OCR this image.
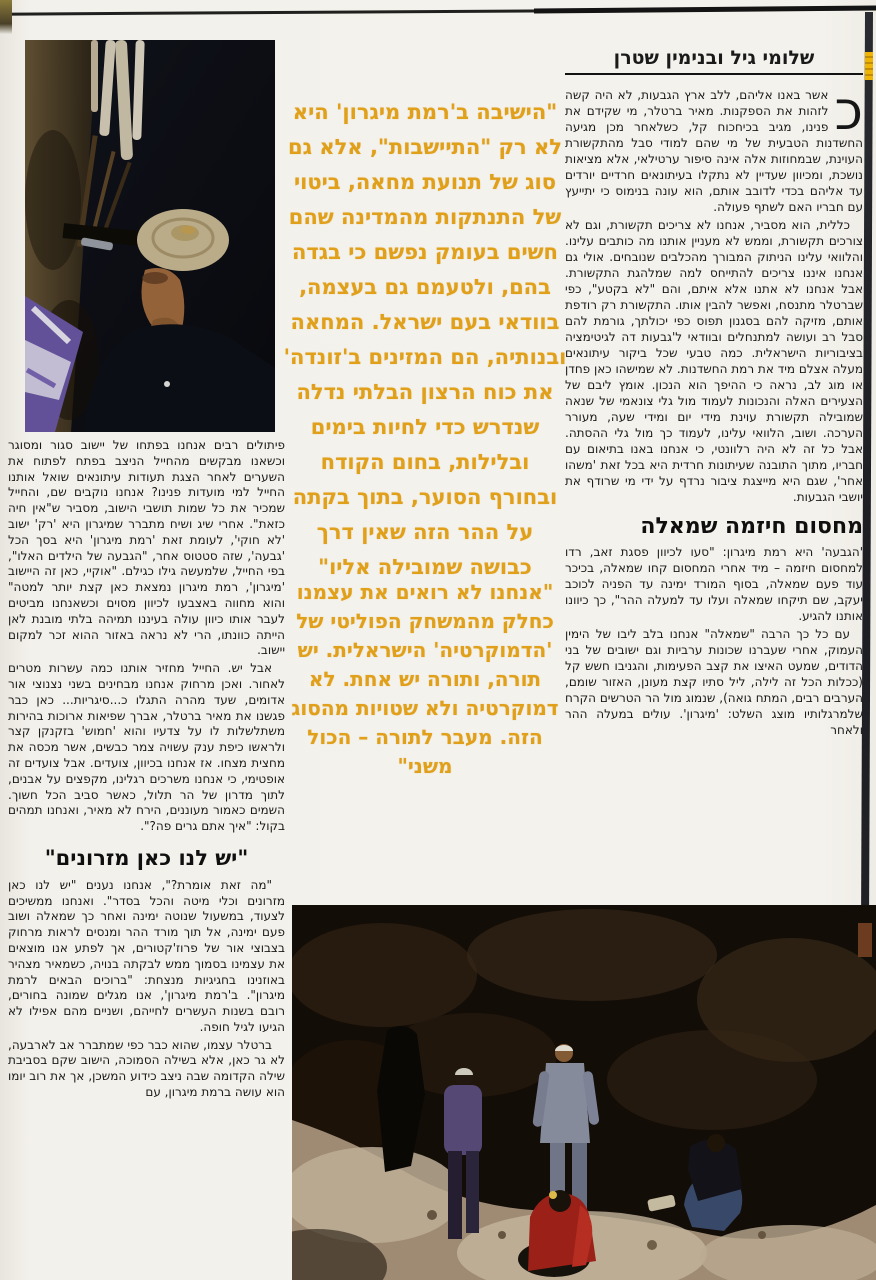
"הישיבה ב'רמת מיגרון' היא לא רק "התיישבות", אלא גם סוג של תנועת מחאה, ביטוי של התנתקות מהמדינה שהם חשים בעומק נפשם כי בגדה בהם, ולטעמם גם בעצמה, בוודאי בעם ישראל. המחאה ובנותיה, הם המזינים ב'זונדה' את כוח הרצון הבלתי נדלה שנדרש כדי לחיות בימים ובלילות, בחום הקודח ובחורף הסוער, בתוך בקתה על ההר הזה שאין דרך כבושה שמובילה אליו"
"אנחנו לא רואים את עצמנו כחלק מהמשחק הפוליטי של 'הדמוקרטיה' הישראלית. יש תורה, ותורה יש אחת. לא דמוקרטיה ולא שטויות מהסוג הזה. מעבר לתורה – הכול משני"
שלומי גיל ובנימין שטרן

כ
אשר באנו אליהם, ללב ארץ הגבעות, לא היה קשה לזהות את הספקנות. מאיר ברטלר, מי שקידם את פנינו, מגיב בכיחכוח קל, כשלאחר מכן מגיעה החשדנות הטבעית של מי שהם למודי סבל מהתקשורת העוינת, שבמחוזות אלה אינה סיפור ערטילאי, אלא מציאות נושכת, ומכיוון שעדיין לא נתקלו בעיתונאים חרדיים יורדים עד אליהם בכדי לדובב אותם, הוא עונה בנימוס כי יתייעץ עם חבריו האם לשתף פעולה.

כללית, הוא מסביר, אנחנו לא צריכים תקשורת, וגם לא צורכים תקשורת, וממש לא מעניין אותנו מה כותבים עלינו. והלוואי עלינו הניתוק המבורך מהכלבים שנובחים. אולי גם אנחנו איננו צריכים להתייחס למה שמלהגת התקשורת. אבל אנחנו לא אתנו אלא איתם, והם "לא בקטע", כפי שברטלר מתנסח, ואפשר להבין אותו. התקשורת רק רודפת אותם, מזיקה להם בסגנון תפוס כפי יכולתך, גורמת להם סבל רב ועושה למתנחלים ובוודאי ל'גבעות דה לגיטימציה בציבוריות הישראלית. כמה טבעי שכל ביקור עיתונאים מעלה אצלם מיד את רמת החשדנות. לא שמישהו כאן פחדן או מוג לב, נראה כי ההיפך הוא הנכון. אומץ ליבם של הצעירים האלה והנכונות לעמוד מול גלי צונאמי של שנאה שמובילה תקשורת עוינת מידי יום ומידי שעה, מעורר הערכה. ושוב, הלוואי עלינו, לעמוד כך מול גלי ההסתה. אבל כל זה לא היה רלוונטי, כי אנחנו באנו בתיאום עם חבריו, מתוך התובנה שעיתונות חרדית היא בכל זאת 'משהו אחר', שגם היא מייצגת ציבור נרדף על ידי מי שרודף את יושבי הגבעות.

מחסום חיזמה שמאלה

'הגבעה' היא רמת מיגרון: "סעו לכיוון פסגת זאב, רדו למחסום חיזמה – מיד אחרי המחסום קחו שמאלה, בכיכר עוד פעם שמאלה, בסוף המורד ימינה עד הפניה לכוכב יעקב, שם תיקחו שמאלה ועלו עד למעלה ההר", כך כיוונו אותנו להגיע.

עם כל כך הרבה "שמאלה" אנחנו בלב ליבו של הימין העמוק, אחרי שעברנו שכונות ערביות וגם ישובים של בני הדודים, שמעט האיצו את קצב הפעימות, והגניבו חשש קל (ככלות הכל זה לילה, ליל סתיו קצת מעונן, האזור שומם, הערבים רבים, המתח גואה), שנמוג מול הר הטרשים הקרח שלמרגלותיו מוצג השלט: 'מיגרון'. עולים במעלה ההר ולאחר

פיתולים רבים אנחנו בפתחו של יישוב סגור ומסוגר וכשאנו מבקשים מהחייל הניצב בפתח לפתוח את השערים לאחר הצגת תעודות עיתונאים שואל אותנו החייל למי מועדות פנינו? אנחנו נוקבים שם, והחייל שמכיר את כל שמות תושבי הישוב, מסביר ש"אין חיה כזאת". אחרי שיג ושיח מתברר שמיגרון היא 'רק' ישוב 'לא חוקי', לעומת זאת 'רמת מיגרון' היא בסך הכל 'גבעה', שזה סטטוס אחר, "הגבעה של הילדים האלו", בפי החייל, שלמעשה גילו כגילם. "אוקיי, כאן זה היישוב 'מיגרון', רמת מיגרון נמצאת כאן קצת יותר למטה" והוא מחווה באצבעו לכיוון מסוים וכשאנחנו מביטים לעבר אותו כיוון עולה בעיננו תמיהה בלתי מובנת לאן הייתה כוונתו, הרי לא נראה באזור ההוא זכר למקום יישוב.

אבל יש. החייל מחזיר אותנו כמה עשרות מטרים לאחור. ואכן מרחוק אנחנו מבחינים בשני נצנוצי אור אדומים, שעד מהרה התגלו כ...סיגריות... כאן כבר פגשנו את מאיר ברטלר, אברך שפיאות ארוכות בהירות משתלשלות לו על צדעיו והוא 'חמוש' בזקנקן קצר ולראשו כיפת ענק עשויה צמר כבשים, אשר מכסה את מחצית מצחו. אז אנחנו בכיוון, צועדים. אבל צועדים זה אופטימי, כי אנחנו משרכים רגלינו, מקפצים על אבנים, לתוך מדרון של הר תלול, כאשר סביב הכל חשוך. השמים כאמור מעוננים, הירח לא מאיר, ואנחנו תמהים בקול: "איך אתם גרים פה?".

"יש לנו כאן מזרונים"

"מה זאת אומרת?", אנחנו נענים "יש לנו כאן מזרונים וכלי מיטה והכל בסדר". ואנחנו ממשיכים לצעוד, במשעול שנוטה ימינה ואחר כך שמאלה ושוב פעם ימינה, אל תוך מורד ההר ומנסים לראות מרחוק בצבוצי אור של פרוז'קטורים, אך לפתע אנו מוצאים את עצמינו בסמוך ממש לבקתה בנויה, כשמאיר מצהיר באוזנינו בחגיגיות מנצחת: "ברוכים הבאים לרמת מיגרון". ב'רמת מיגרון', אנו מגלים שמונה בחורים, רובם בשנות העשרים לחייהם, ושניים מהם אפילו לא הגיעו לגיל חופה.

ברטלר עצמו, שהוא כבר כפי שמתברר אב לארבעה, לא גר כאן, אלא בשילה הסמוכה, הישוב שקם בסביבת שילה הקדומה שבה ניצב כידוע המשכן, אך את רוב יומו הוא עושה ברמת מיגרון, עם
